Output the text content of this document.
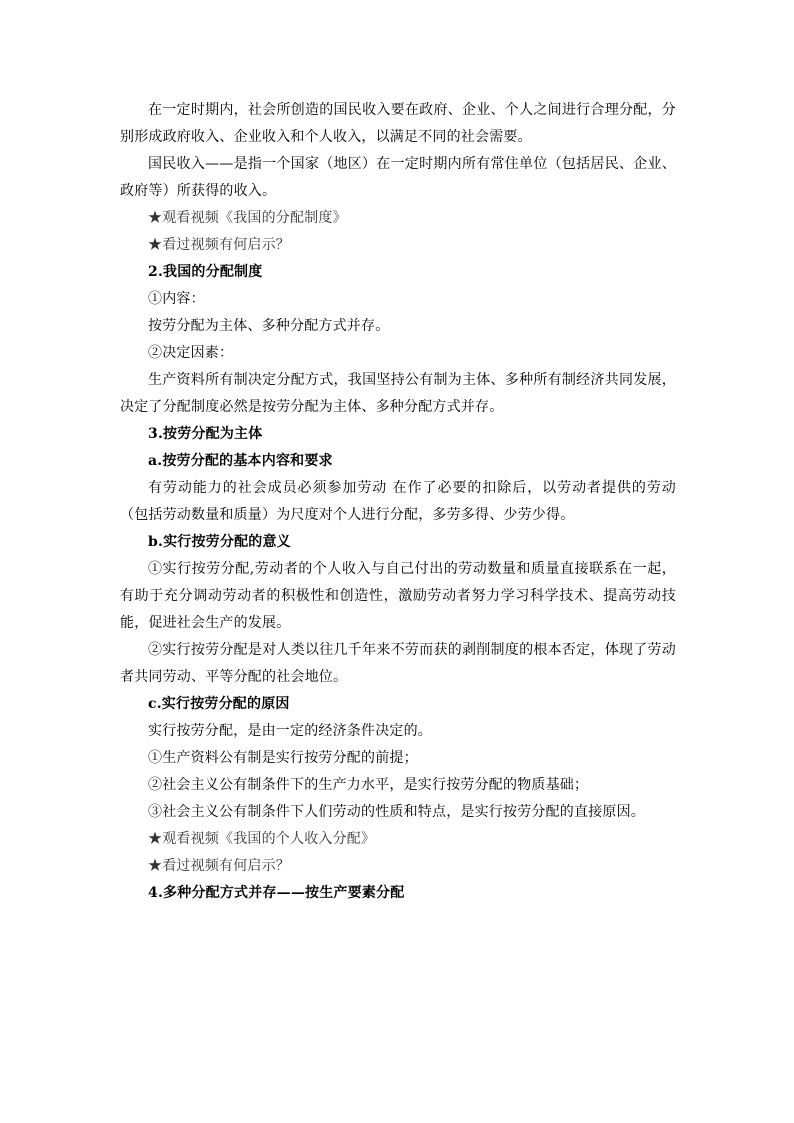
在一定时期内，社会所创造的国民收入要在政府、企业、个人之间进行合理分配，分别形成政府收入、企业收入和个人收入，以满足不同的社会需要。

国民收入——是指一个国家（地区）在一定时期内所有常住单位（包括居民、企业、政府等）所获得的收入。

★观看视频《我国的分配制度》

★看过视频有何启示？

2.我国的分配制度

①内容：

按劳分配为主体、多种分配方式并存。

②决定因素：

生产资料所有制决定分配方式，我国坚持公有制为主体、多种所有制经济共同发展，决定了分配制度必然是按劳分配为主体、多种分配方式并存。

3.按劳分配为主体

a.按劳分配的基本内容和要求

有劳动能力的社会成员必须参加劳动 在作了必要的扣除后，以劳动者提供的劳动（包括劳动数量和质量）为尺度对个人进行分配，多劳多得、少劳少得。

b.实行按劳分配的意义

①实行按劳分配,劳动者的个人收入与自己付出的劳动数量和质量直接联系在一起，有助于充分调动劳动者的积极性和创造性，激励劳动者努力学习科学技术、提高劳动技能，促进社会生产的发展。

②实行按劳分配是对人类以往几千年来不劳而获的剥削制度的根本否定，体现了劳动者共同劳动、平等分配的社会地位。

c.实行按劳分配的原因

实行按劳分配，是由一定的经济条件决定的。

①生产资料公有制是实行按劳分配的前提；

②社会主义公有制条件下的生产力水平，是实行按劳分配的物质基础；

③社会主义公有制条件下人们劳动的性质和特点，是实行按劳分配的直接原因。

★观看视频《我国的个人收入分配》

★看过视频有何启示？

4.多种分配方式并存——按生产要素分配
